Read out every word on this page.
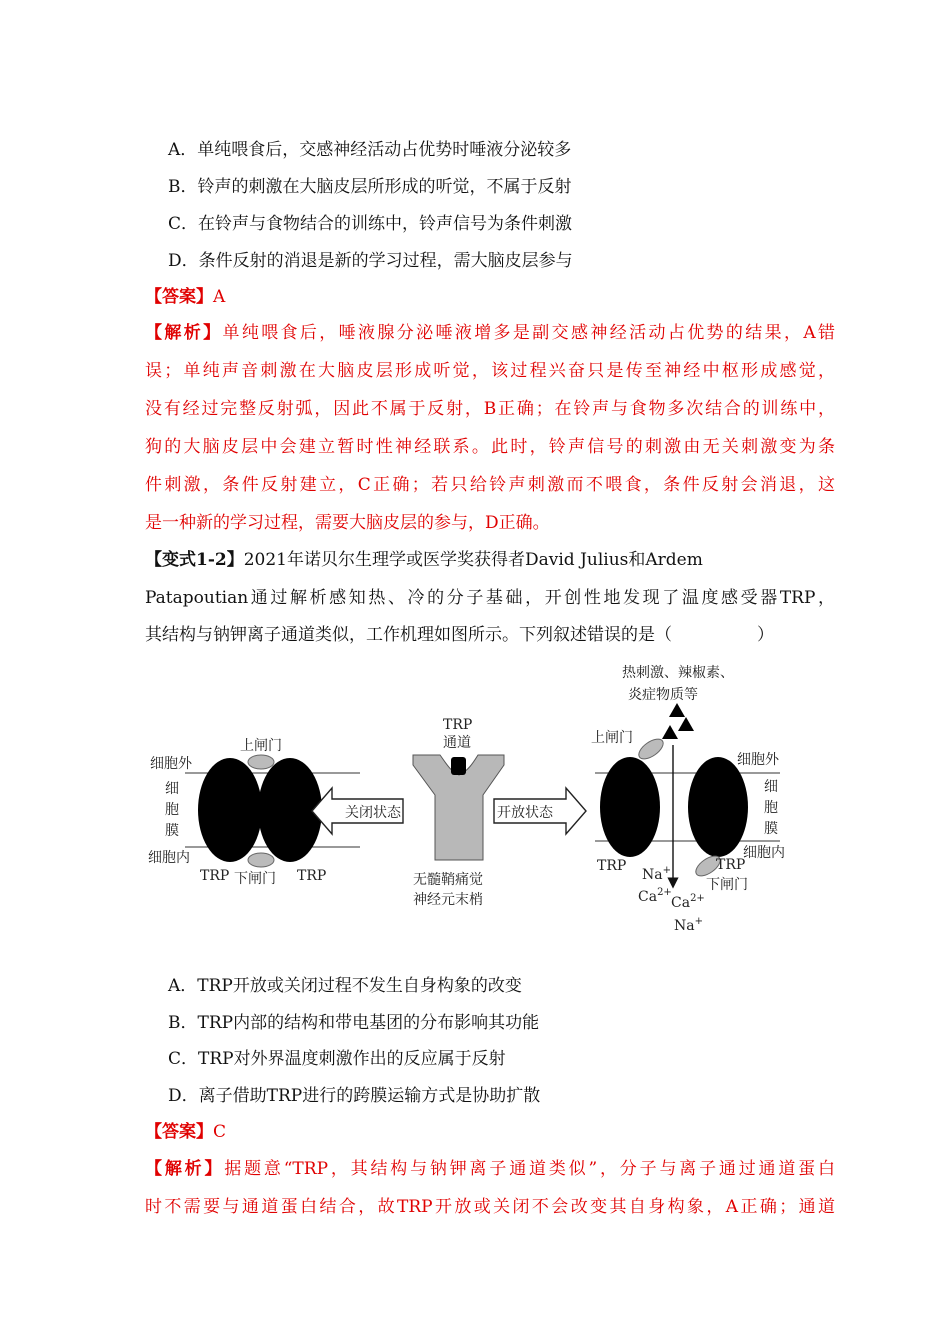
A．单纯喂食后，交感神经活动占优势时唾液分泌较多
B．铃声的刺激在大脑皮层所形成的听觉，不属于反射
C．在铃声与食物结合的训练中，铃声信号为条件刺激
D．条件反射的消退是新的学习过程，需大脑皮层参与
【答案】A
【解析】单纯喂食后，唾液腺分泌唾液增多是副交感神经活动占优势的结果，A错
误；单纯声音刺激在大脑皮层形成听觉，该过程兴奋只是传至神经中枢形成感觉，
没有经过完整反射弧，因此不属于反射，B正确；在铃声与食物多次结合的训练中，
狗的大脑皮层中会建立暂时性神经联系。此时，铃声信号的刺激由无关刺激变为条
件刺激，条件反射建立，C正确；若只给铃声刺激而不喂食，条件反射会消退，这
是一种新的学习过程，需要大脑皮层的参与，D正确。
【变式1-2】2021年诺贝尔生理学或医学奖获得者David Julius和Ardem
Patapoutian通过解析感知热、冷的分子基础，开创性地发现了温度感受器TRP，
其结构与钠钾离子通道类似，工作机理如图所示。下列叙述错误的是（　　　　　）
上闸门
细胞外
细
胞
膜
细胞内
TRP 下闸门 TRP
关闭状态
TRP
通道
无髓鞘痛觉
神经元末梢
开放状态
热刺激、辣椒素、
炎症物质等
上闸门
细胞外
细
胞
膜
细胞内
TRP	TRP
下闸门
Na+
$Ca^{2+}$
$Ca^{2+}$
Na+
A．TRP开放或关闭过程不发生自身构象的改变
B．TRP内部的结构和带电基团的分布影响其功能
C．TRP对外界温度刺激作出的反应属于反射
D．离子借助TRP进行的跨膜运输方式是协助扩散
【答案】C
【解析】据题意“TRP，其结构与钠钾离子通道类似”，分子与离子通过通道蛋白
时不需要与通道蛋白结合，故TRP开放或关闭不会改变其自身构象，A正确；通道
